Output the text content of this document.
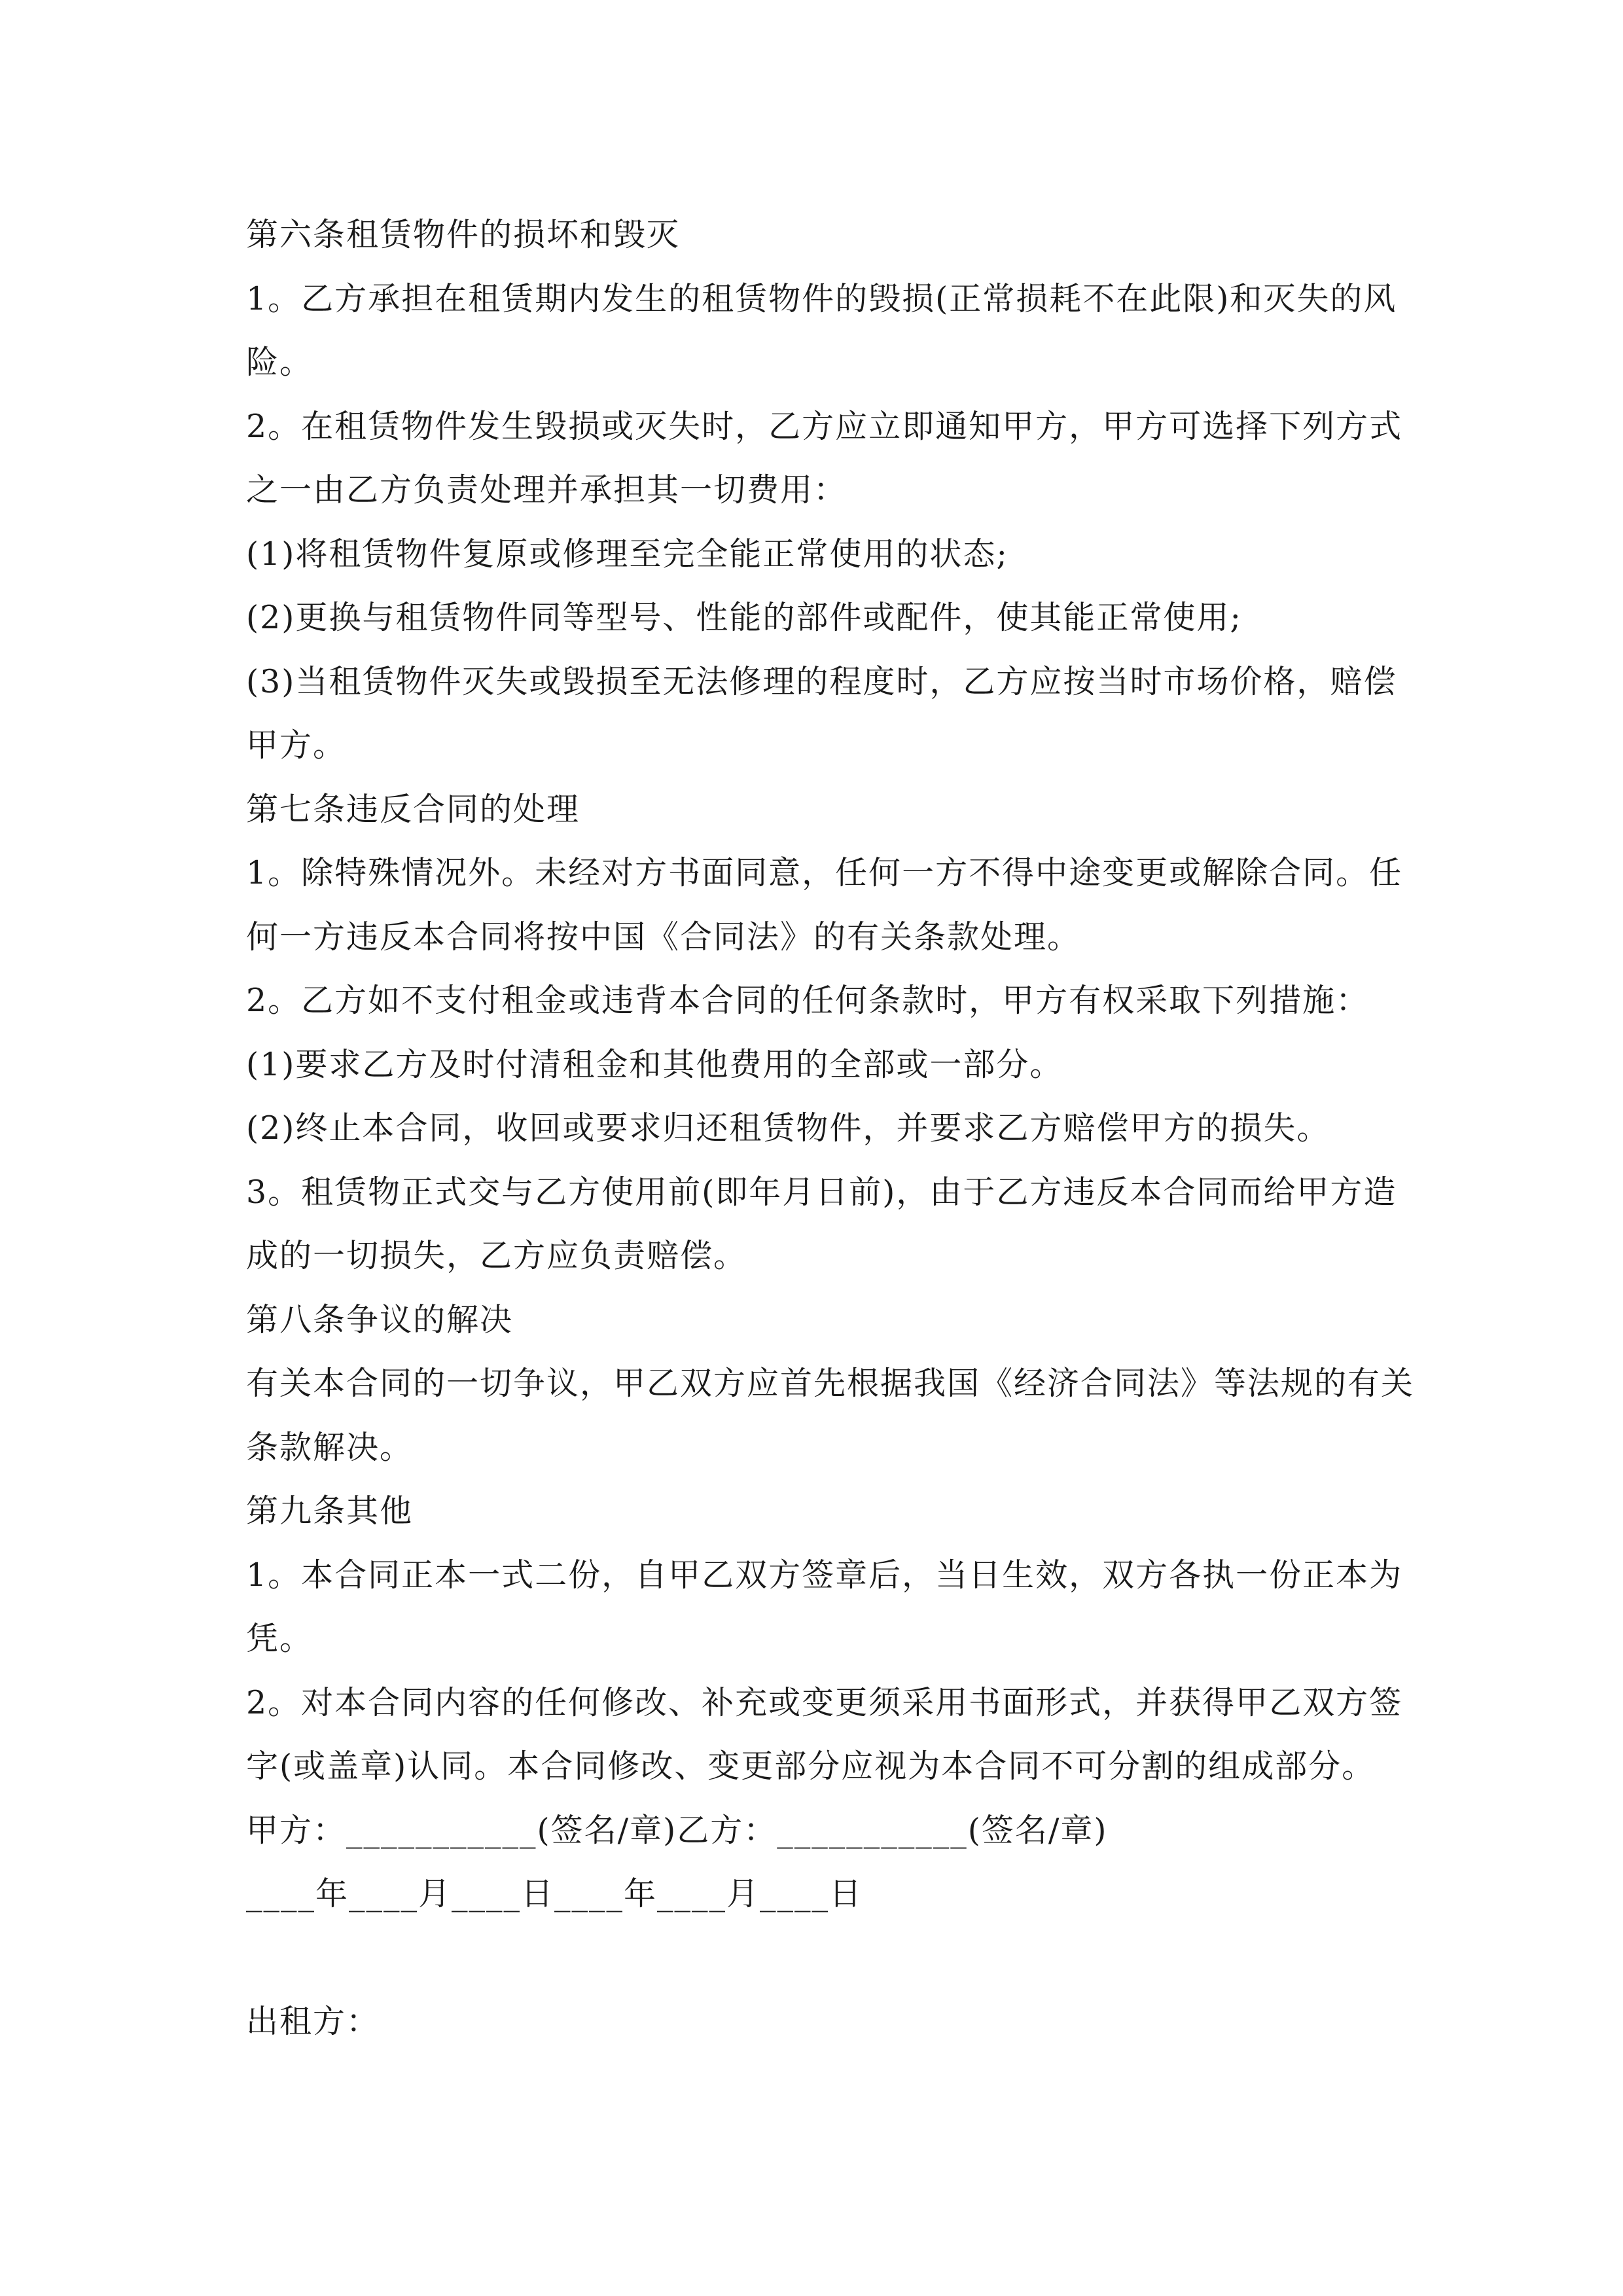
第六条租赁物件的损坏和毁灭
1。乙方承担在租赁期内发生的租赁物件的毁损(正常损耗不在此限)和灭失的风
险。
2。在租赁物件发生毁损或灭失时，乙方应立即通知甲方，甲方可选择下列方式
之一由乙方负责处理并承担其一切费用：
(1)将租赁物件复原或修理至完全能正常使用的状态;
(2)更换与租赁物件同等型号、性能的部件或配件，使其能正常使用;
(3)当租赁物件灭失或毁损至无法修理的程度时，乙方应按当时市场价格，赔偿
甲方。
第七条违反合同的处理
1。除特殊情况外。未经对方书面同意，任何一方不得中途变更或解除合同。任
何一方违反本合同将按中国《合同法》的有关条款处理。
2。乙方如不支付租金或违背本合同的任何条款时，甲方有权采取下列措施：
(1)要求乙方及时付清租金和其他费用的全部或一部分。
(2)终止本合同，收回或要求归还租赁物件，并要求乙方赔偿甲方的损失。
3。租赁物正式交与乙方使用前(即年月日前)，由于乙方违反本合同而给甲方造
成的一切损失，乙方应负责赔偿。
第八条争议的解决
有关本合同的一切争议，甲乙双方应首先根据我国《经济合同法》等法规的有关
条款解决。
第九条其他
1。本合同正本一式二份，自甲乙双方签章后，当日生效，双方各执一份正本为
凭。
2。对本合同内容的任何修改、补充或变更须采用书面形式，并获得甲乙双方签
字(或盖章)认同。本合同修改、变更部分应视为本合同不可分割的组成部分。
甲方：___________(签名/章)乙方：___________(签名/章)
____年____月____日____年____月____日
出租方：
